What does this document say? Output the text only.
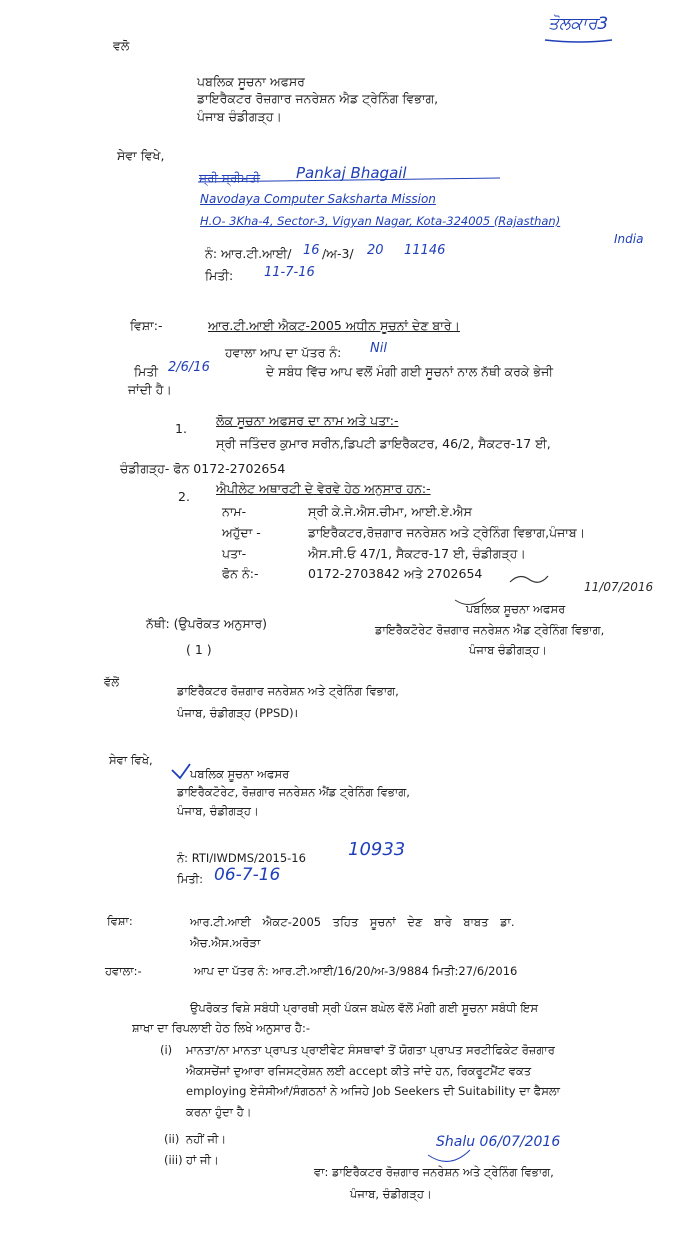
ਤੋਲਕਾਰ3
ਵਲੋ
ਪਬਲਿਕ ਸੂਚਨਾ ਅਫਸਰ
ਡਾਇਰੈਕਟਰ ਰੋਜ਼ਗਾਰ ਜਨਰੇਸ਼ਨ ਐਡ ਟ੍ਰੇਨਿੰਗ ਵਿਭਾਗ,
ਪੰਜਾਬ ਚੰਡੀਗੜ੍ਹ।
ਸੇਵਾ ਵਿਖੇ,
ਸ਼੍ਰੀ ਸ਼੍ਰੀਮਤੀ Pankaj Bhagail
Navodaya Computer Saksharta Mission
H.O- 3Kha-4, Sector-3, Vigyan Nagar, Kota-324005 (Rajasthan)
India
ਨੰ: ਆਰ.ਟੀ.ਆਈ/ 16 /ਅ-3/ 20 11146
ਮਿਤੀ: 11-7-16
ਵਿਸ਼ਾ:-	ਆਰ.ਟੀ.ਆਈ ਐਕਟ-2005 ਅਧੀਨ ਸੂਚਨਾਂ ਦੇਣ ਬਾਰੇ।
ਹਵਾਲਾ ਆਪ ਦਾ ਪੱਤਰ ਨੰ: Nil
ਮਿਤੀ 2/6/16	ਦੇ ਸਬੰਧ ਵਿੱਚ ਆਪ ਵਲੋਂ ਮੰਗੀ ਗਈ ਸੂਚਨਾਂ ਨਾਲ ਨੱਥੀ ਕਰਕੇ ਭੇਜੀ
ਜਾਂਦੀ ਹੈ।
1.
ਲੋਕ ਸੂਚਨਾ ਅਫਸਰ ਦਾ ਨਾਮ ਅਤੇ ਪਤਾ:-
ਸ੍ਰੀ ਜਤਿੰਦਰ ਕੁਮਾਰ ਸਰੀਨ,ਡਿਪਟੀ ਡਾਇਰੈਕਟਰ, 46/2, ਸੈਕਟਰ-17 ਈ,
ਚੰਡੀਗੜ੍ਹ- ਫੋਨ 0172-2702654
2.
ਐਪੀਲੇਟ ਅਥਾਰਟੀ ਦੇ ਵੇਰਵੇ ਹੇਠ ਅਨੁਸਾਰ ਹਨ:-
ਨਾਮ-	ਸ੍ਰੀ ਕੇ.ਜੇ.ਐਸ.ਚੀਮਾ, ਆਈ.ਏ.ਐਸ
ਅਹੁੱਦਾ -	ਡਾਇਰੈਕਟਰ,ਰੋਜ਼ਗਾਰ ਜਨਰੇਸ਼ਨ ਅਤੇ ਟ੍ਰੇਨਿੰਗ ਵਿਭਾਗ,ਪੰਜਾਬ।
ਪਤਾ-	ਐਸ.ਸੀ.ਓ 47/1, ਸੈਕਟਰ-17 ਈ, ਚੰਡੀਗੜ੍ਹ।
ਫੋਨ ਨੰ:-	0172-2703842 ਅਤੇ 2702654
11/07/2016
ਪਬਲਿਕ ਸੂਚਨਾ ਅਫਸਰ
ਡਾਇਰੈਕਟੋਰੇਟ ਰੋਜ਼ਗਾਰ ਜਨਰੇਸ਼ਨ ਐਡ ਟ੍ਰੇਨਿੰਗ ਵਿਭਾਗ,
ਪੰਜਾਬ ਚੰਡੀਗੜ੍ਹ।
ਨੱਥੀ: (ਉਪਰੋਕਤ ਅਨੁਸਾਰ)
( 1 )
ਵੱਲੋਂ
ਡਾਇਰੈਕਟਰ ਰੋਜ਼ਗਾਰ ਜਨਰੇਸ਼ਨ ਅਤੇ ਟ੍ਰੇਨਿੰਗ ਵਿਭਾਗ,
ਪੰਜਾਬ, ਚੰਡੀਗੜ੍ਹ (PPSD)।
ਸੇਵਾ ਵਿਖੇ,
ਪਬਲਿਕ ਸੂਚਨਾ ਅਫਸਰ
ਡਾਇਰੈਕਟੋਰੇਟ, ਰੋਜ਼ਗਾਰ ਜਨਰੇਸ਼ਨ ਐਂਡ ਟ੍ਰੇਨਿੰਗ ਵਿਭਾਗ,
ਪੰਜਾਬ, ਚੰਡੀਗੜ੍ਹ।
ਨੰ: RTI/IWDMS/2015-16 10933
ਮਿਤੀ: 06-7-16
ਵਿਸ਼ਾ:	ਆਰ.ਟੀ.ਆਈ ਐਕਟ-2005 ਤਹਿਤ ਸੂਚਨਾਂ ਦੇਣ ਬਾਰੇ ਬਾਬਤ ਡਾ.
ਐਚ.ਐਸ.ਅਰੋੜਾ
ਹਵਾਲਾ:-	ਆਪ ਦਾ ਪੱਤਰ ਨੰ: ਆਰ.ਟੀ.ਆਈ/16/20/ਅ-3/9884 ਮਿਤੀ:27/6/2016
ਉਪਰੋਕਤ ਵਿਸ਼ੇ ਸਬੰਧੀ ਪ੍ਰਾਰਥੀ ਸ੍ਰੀ ਪੰਕਜ ਬਘੇਲ ਵੱਲੋਂ ਮੰਗੀ ਗਈ ਸੂਚਨਾ ਸਬੰਧੀ ਇਸ
ਸ਼ਾਖਾ ਦਾ ਰਿਪਲਾਈ ਹੇਠ ਲਿਖੇ ਅਨੁਸਾਰ ਹੈ:-
(i) ਮਾਨਤਾ/ਨਾ ਮਾਨਤਾ ਪ੍ਰਾਪਤ ਪ੍ਰਾਈਵੇਟ ਸੰਸਥਾਵਾਂ ਤੋਂ ਯੋਗਤਾ ਪ੍ਰਾਪਤ ਸਰਟੀਫਿਕੇਟ ਰੋਜ਼ਗਾਰ
ਐਕਸਚੇਂਜਾਂ ਦੁਆਰਾ ਰਜਿਸਟ੍ਰੇਸ਼ਨ ਲਈ accept ਕੀਤੇ ਜਾਂਦੇ ਹਨ, ਰਿਕਰੂਟਮੈਂਟ ਵਕਤ
employing ਏਜੰਸੀਆਂ/ਸੰਗਠਨਾਂ ਨੇ ਅਜਿਹੇ Job Seekers ਦੀ Suitability ਦਾ ਫੈਸਲਾ
ਕਰਨਾ ਹੁੰਦਾ ਹੈ।
(ii) ਨਹੀਂ ਜੀ।
(iii) ਹਾਂ ਜੀ।
Shalu 06/07/2016
ਵਾ: ਡਾਇਰੈਕਟਰ ਰੋਜ਼ਗਾਰ ਜਨਰੇਸ਼ਨ ਅਤੇ ਟ੍ਰੇਨਿੰਗ ਵਿਭਾਗ,
ਪੰਜਾਬ, ਚੰਡੀਗੜ੍ਹ।
